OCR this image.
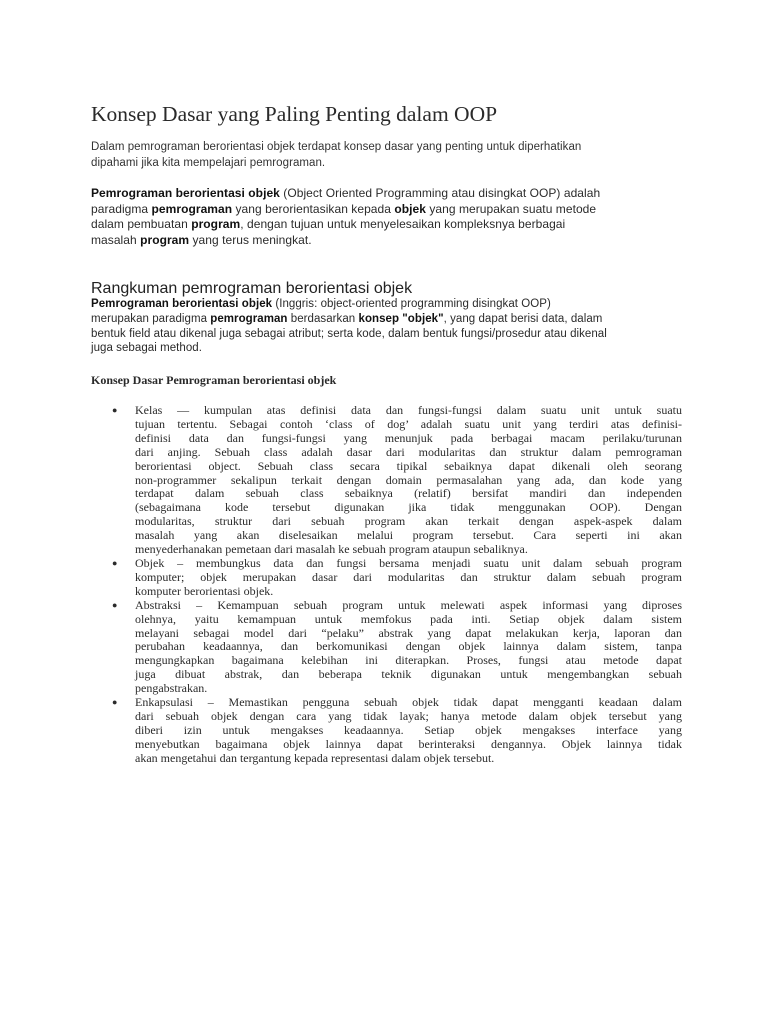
Konsep Dasar yang Paling Penting dalam OOP

Dalam pemrograman berorientasi objek terdapat konsep dasar yang penting untuk diperhatikan
dipahami jika kita mempelajari pemrograman.

Pemrograman berorientasi objek (Object Oriented Programming atau disingkat OOP) adalah
paradigma pemrograman yang berorientasikan kepada objek yang merupakan suatu metode
dalam pembuatan program, dengan tujuan untuk menyelesaikan kompleksnya berbagai
masalah program yang terus meningkat.

Rangkuman pemrograman berorientasi objek

Pemrograman berorientasi objek (Inggris: object-oriented programming disingkat OOP)
merupakan paradigma pemrograman berdasarkan konsep "objek", yang dapat berisi data, dalam
bentuk field atau dikenal juga sebagai atribut; serta kode, dalam bentuk fungsi/prosedur atau dikenal
juga sebagai method.

Konsep Dasar Pemrograman berorientasi objek
● Kelas — kumpulan atas definisi data dan fungsi-fungsi dalam suatu unit untuk suatu
tujuan tertentu. Sebagai contoh ‘class of dog’ adalah suatu unit yang terdiri atas definisi-
definisi data dan fungsi-fungsi yang menunjuk pada berbagai macam perilaku/turunan
dari anjing. Sebuah class adalah dasar dari modularitas dan struktur dalam pemrograman
berorientasi object. Sebuah class secara tipikal sebaiknya dapat dikenali oleh seorang
non-programmer sekalipun terkait dengan domain permasalahan yang ada, dan kode yang
terdapat dalam sebuah class sebaiknya (relatif) bersifat mandiri dan independen
(sebagaimana kode tersebut digunakan jika tidak menggunakan OOP). Dengan
modularitas, struktur dari sebuah program akan terkait dengan aspek-aspek dalam
masalah yang akan diselesaikan melalui program tersebut. Cara seperti ini akan
menyederhanakan pemetaan dari masalah ke sebuah program ataupun sebaliknya.
● Objek – membungkus data dan fungsi bersama menjadi suatu unit dalam sebuah program
komputer; objek merupakan dasar dari modularitas dan struktur dalam sebuah program
komputer berorientasi objek.
● Abstraksi – Kemampuan sebuah program untuk melewati aspek informasi yang diproses
olehnya, yaitu kemampuan untuk memfokus pada inti. Setiap objek dalam sistem
melayani sebagai model dari “pelaku” abstrak yang dapat melakukan kerja, laporan dan
perubahan keadaannya, dan berkomunikasi dengan objek lainnya dalam sistem, tanpa
mengungkapkan bagaimana kelebihan ini diterapkan. Proses, fungsi atau metode dapat
juga dibuat abstrak, dan beberapa teknik digunakan untuk mengembangkan sebuah
pengabstrakan.
● Enkapsulasi – Memastikan pengguna sebuah objek tidak dapat mengganti keadaan dalam
dari sebuah objek dengan cara yang tidak layak; hanya metode dalam objek tersebut yang
diberi izin untuk mengakses keadaannya. Setiap objek mengakses interface yang
menyebutkan bagaimana objek lainnya dapat berinteraksi dengannya. Objek lainnya tidak
akan mengetahui dan tergantung kepada representasi dalam objek tersebut.
